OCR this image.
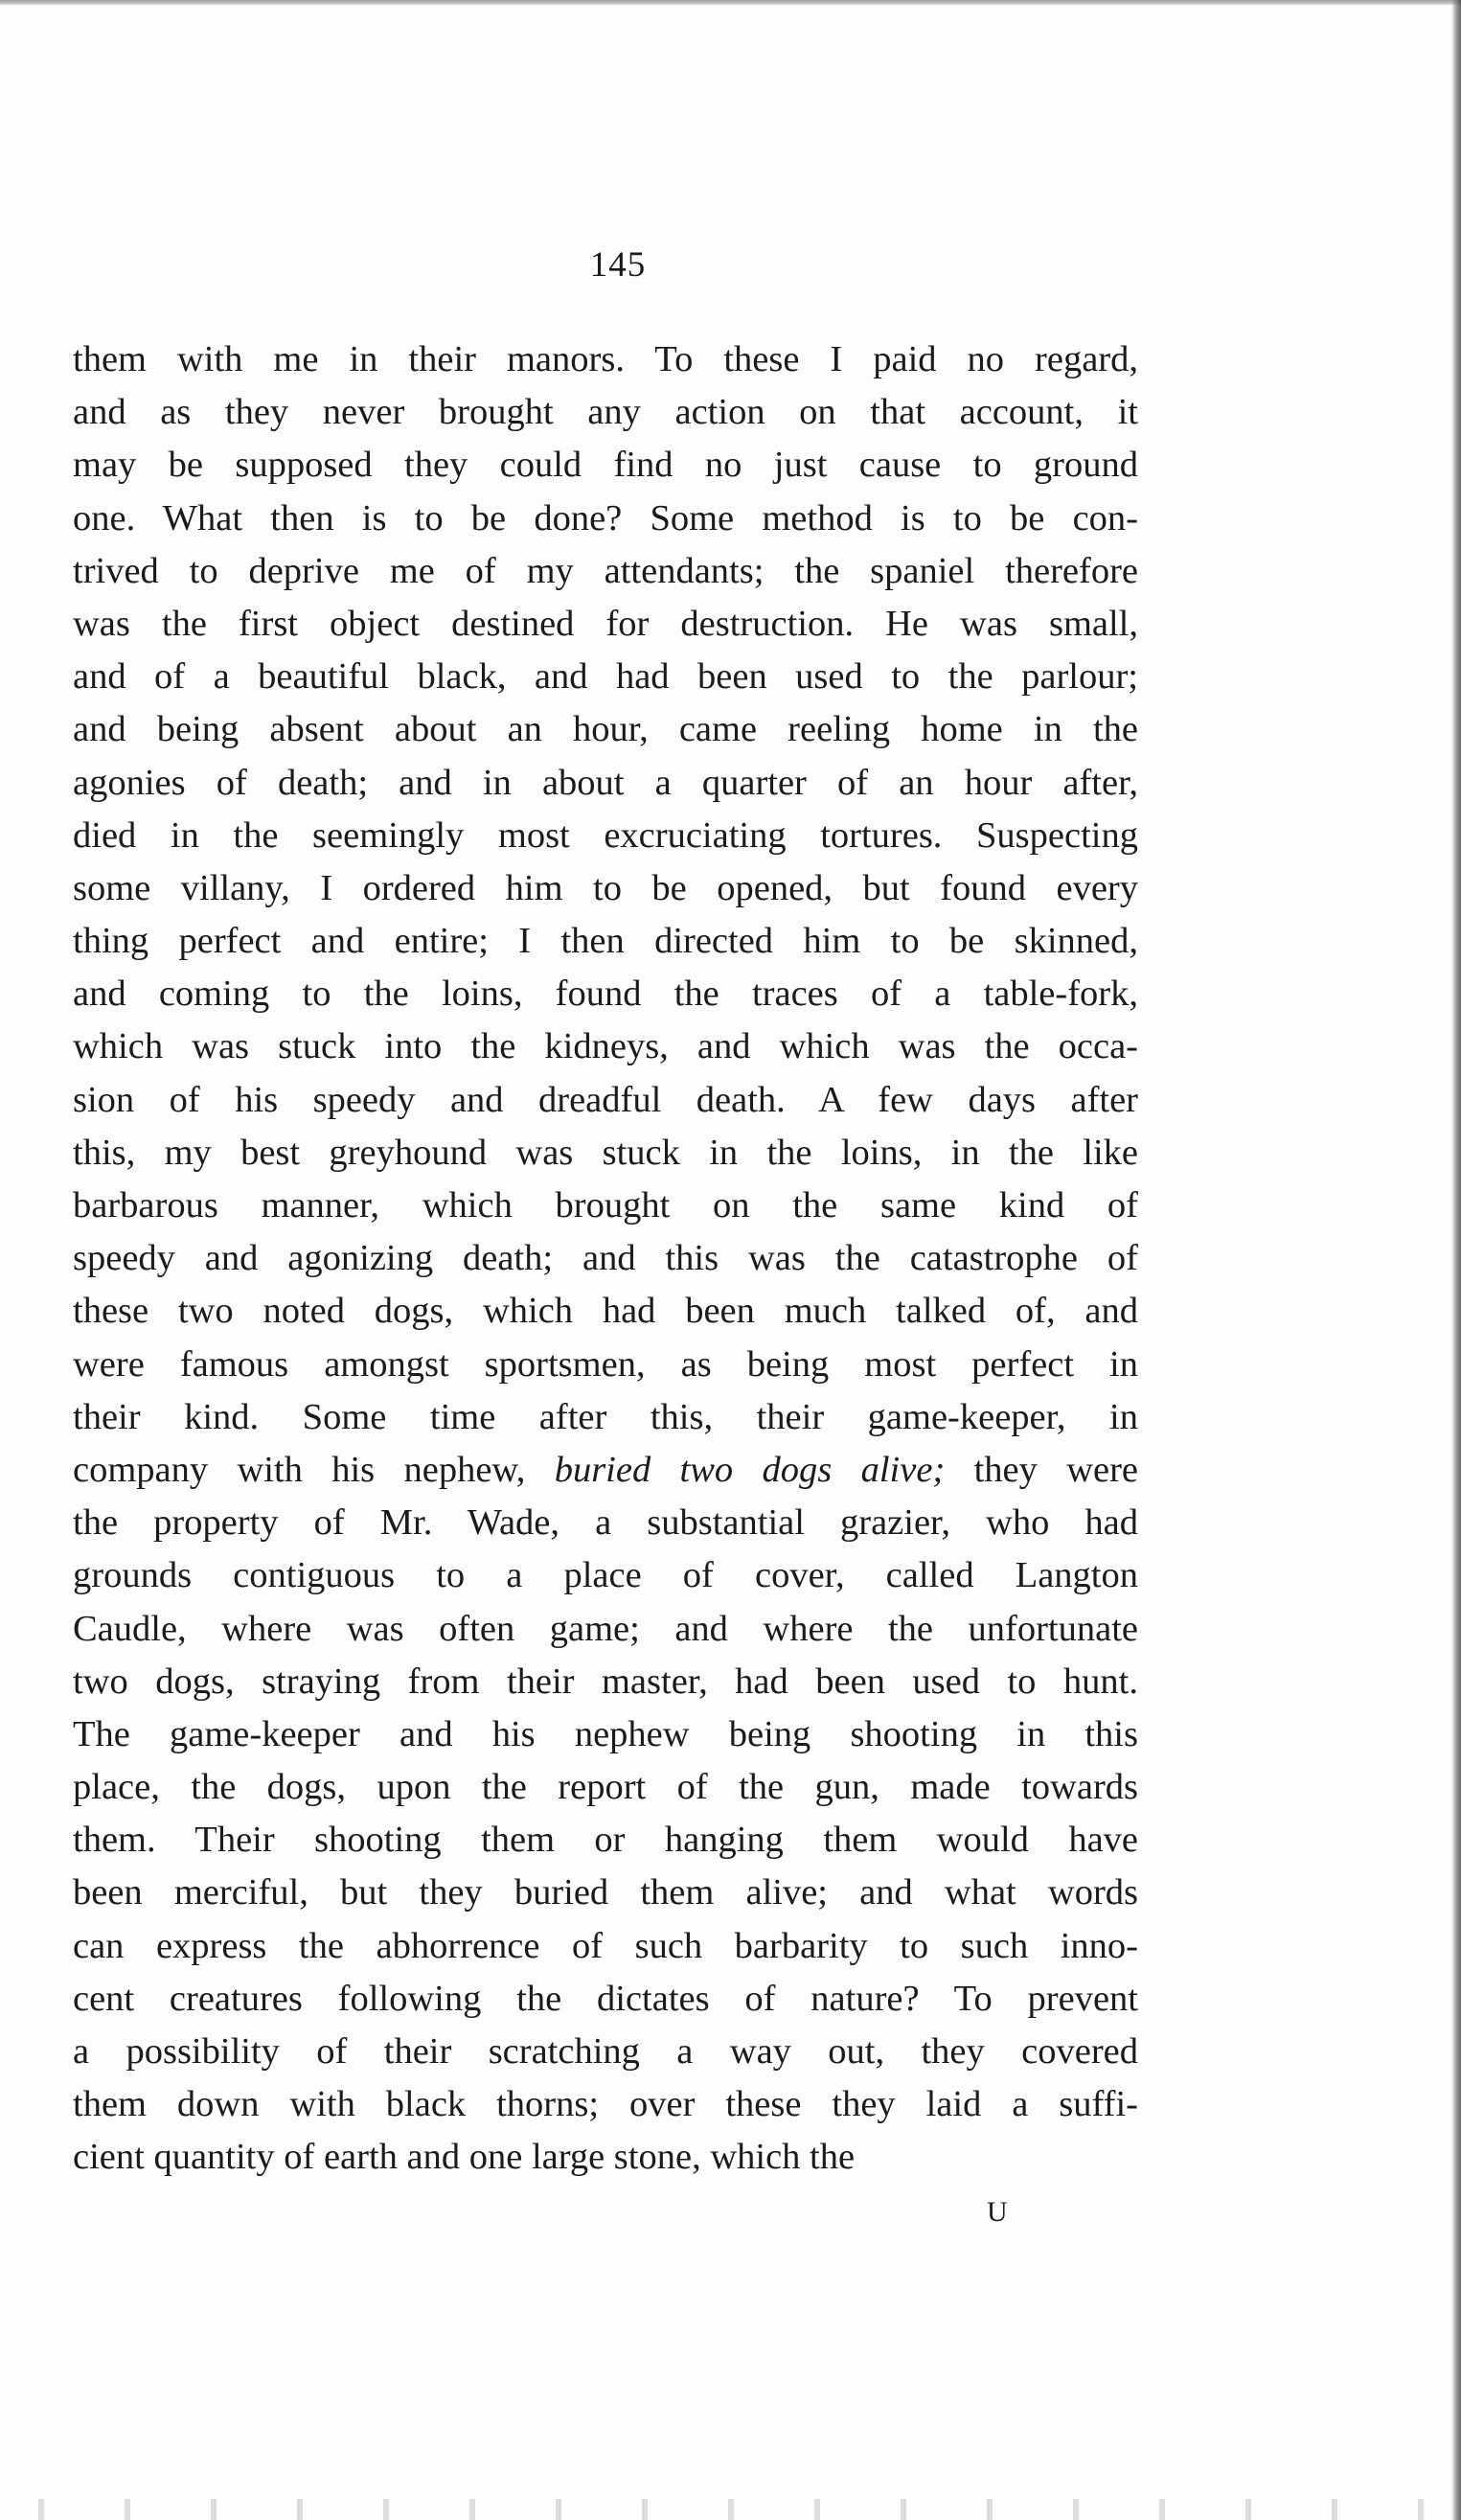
145
them with me in their manors. To these I paid no regard,
and as they never brought any action on that account, it
may be supposed they could find no just cause to ground
one. What then is to be done? Some method is to be con-
trived to deprive me of my attendants; the spaniel therefore
was the first object destined for destruction. He was small,
and of a beautiful black, and had been used to the parlour;
and being absent about an hour, came reeling home in the
agonies of death; and in about a quarter of an hour after,
died in the seemingly most excruciating tortures. Suspecting
some villany, I ordered him to be opened, but found every
thing perfect and entire; I then directed him to be skinned,
and coming to the loins, found the traces of a table-fork,
which was stuck into the kidneys, and which was the occa-
sion of his speedy and dreadful death. A few days after
this, my best greyhound was stuck in the loins, in the like
barbarous manner, which brought on the same kind of
speedy and agonizing death; and this was the catastrophe of
these two noted dogs, which had been much talked of, and
were famous amongst sportsmen, as being most perfect in
their kind. Some time after this, their game-keeper, in
company with his nephew, buried two dogs alive; they were
the property of Mr. Wade, a substantial grazier, who had
grounds contiguous to a place of cover, called Langton
Caudle, where was often game; and where the unfortunate
two dogs, straying from their master, had been used to hunt.
The game-keeper and his nephew being shooting in this
place, the dogs, upon the report of the gun, made towards
them. Their shooting them or hanging them would have
been merciful, but they buried them alive; and what words
can express the abhorrence of such barbarity to such inno-
cent creatures following the dictates of nature? To prevent
a possibility of their scratching a way out, they covered
them down with black thorns; over these they laid a suffi-
cient quantity of earth and one large stone, which the
U
